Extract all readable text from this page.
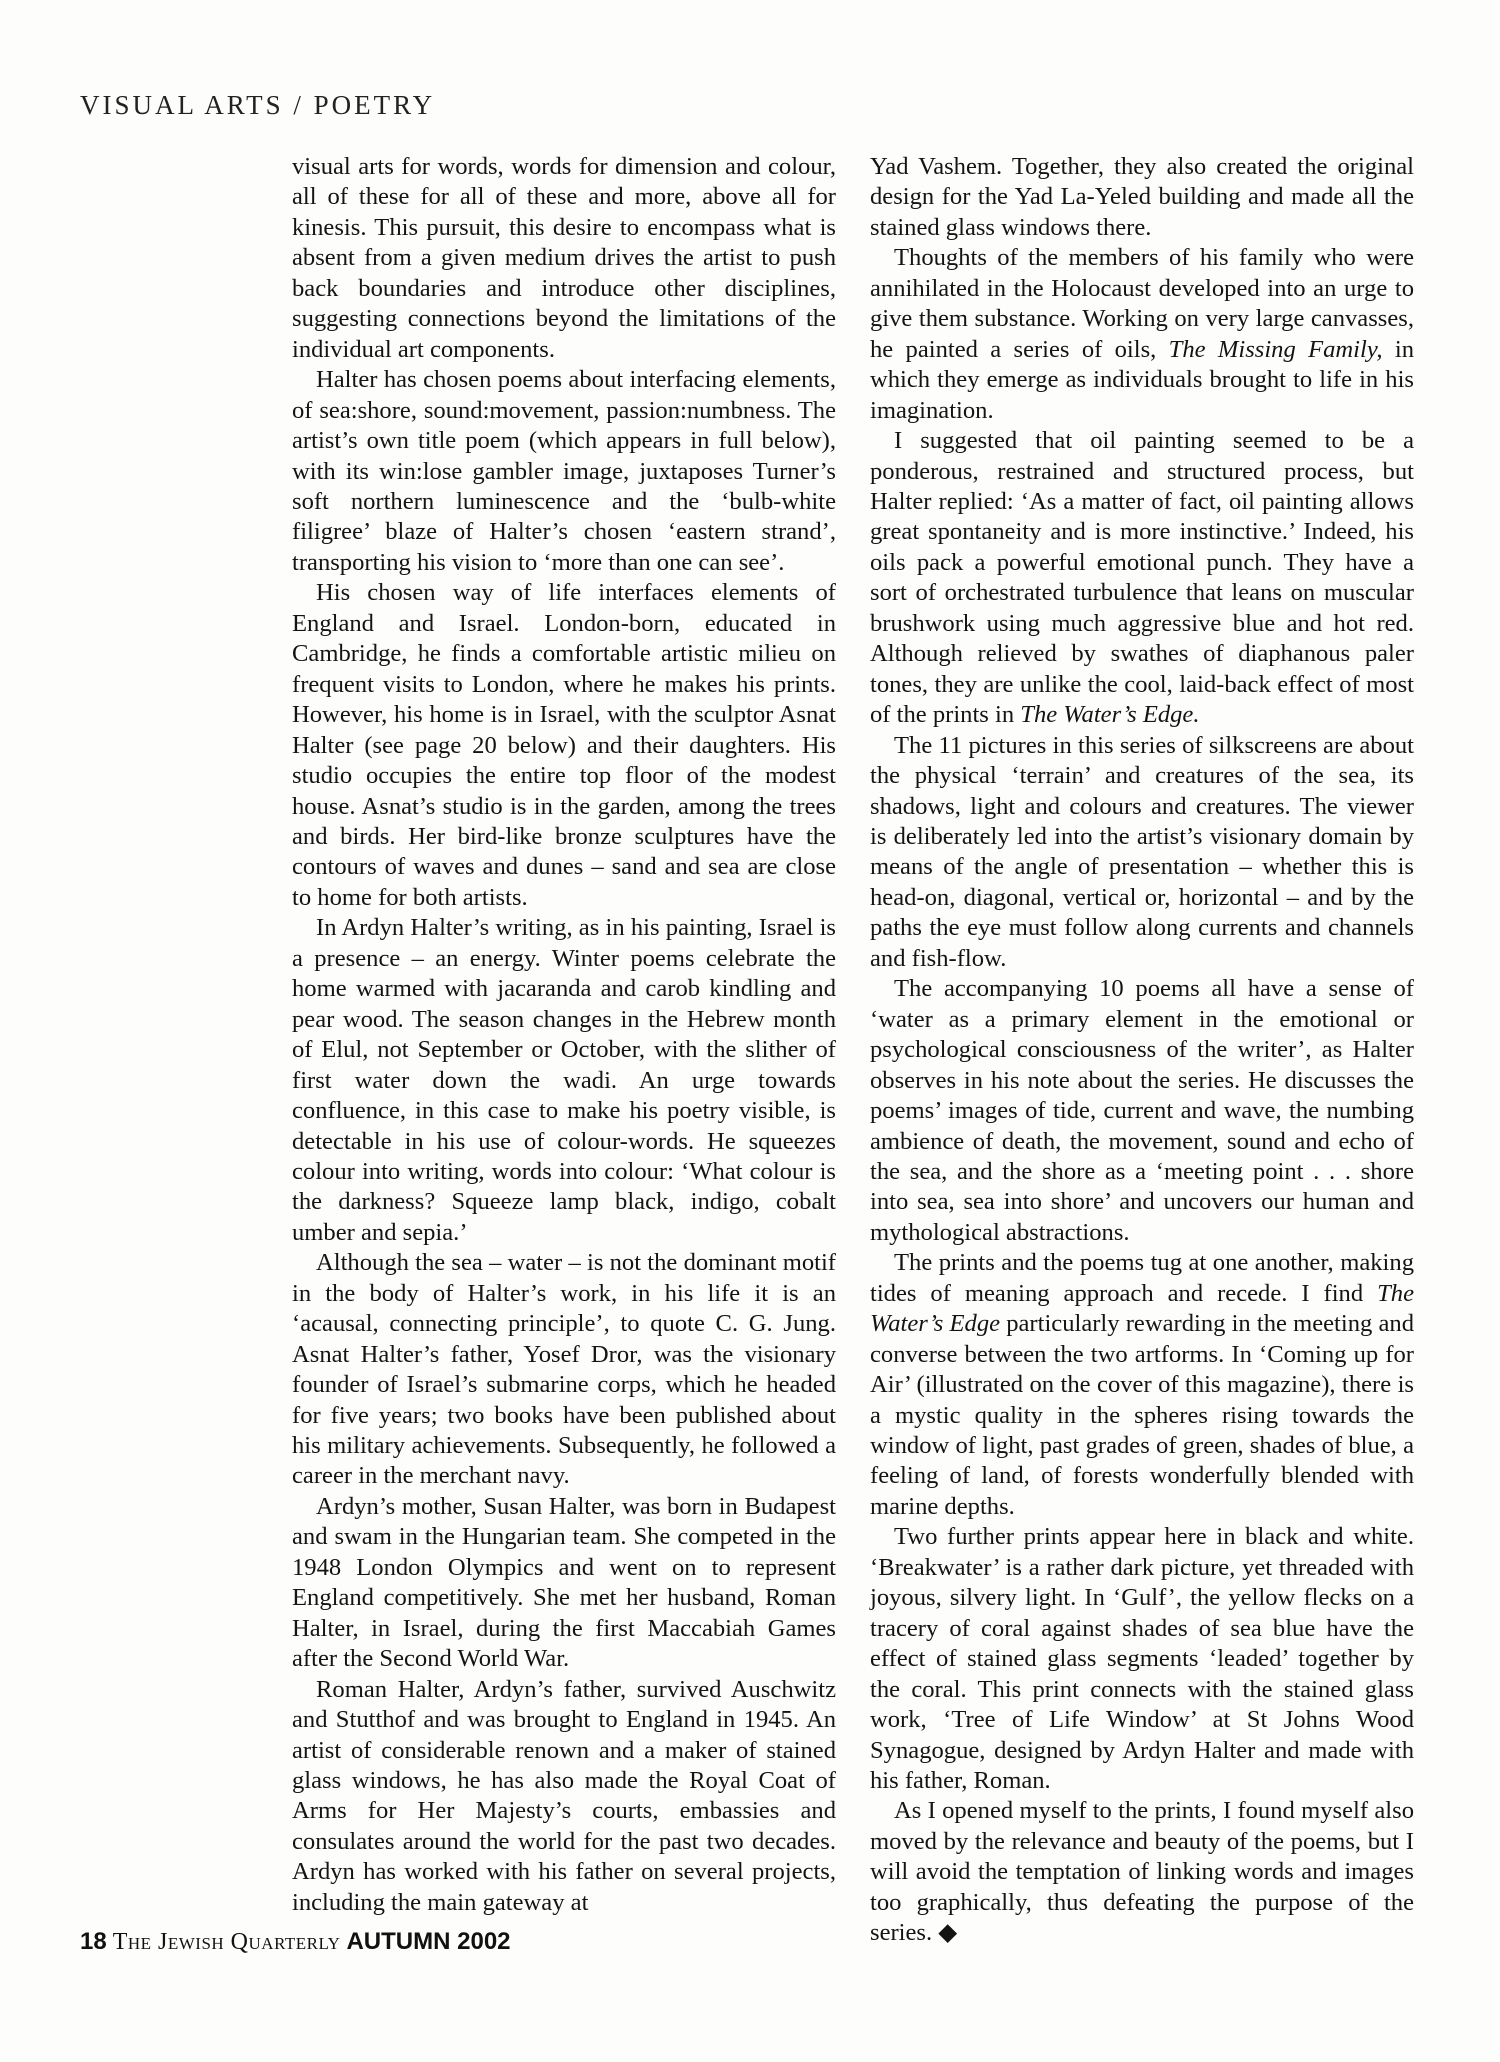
VISUAL ARTS / POETRY

visual arts for words, words for dimension and colour, all of these for all of these and more, above all for kinesis. This pursuit, this desire to encompass what is absent from a given medium drives the artist to push back boundaries and introduce other disciplines, suggesting connections beyond the limitations of the individual art components.

Halter has chosen poems about interfacing elements, of sea:shore, sound:movement, passion:numbness. The artist’s own title poem (which appears in full below), with its win:lose gambler image, juxtaposes Turner’s soft northern luminescence and the ‘bulb-white filigree’ blaze of Halter’s chosen ‘eastern strand’, transporting his vision to ‘more than one can see’.

His chosen way of life interfaces elements of England and Israel. London-born, educated in Cambridge, he finds a comfortable artistic milieu on frequent visits to London, where he makes his prints. However, his home is in Israel, with the sculptor Asnat Halter (see page 20 below) and their daughters. His studio occupies the entire top floor of the modest house. Asnat’s studio is in the garden, among the trees and birds. Her bird-like bronze sculptures have the contours of waves and dunes – sand and sea are close to home for both artists.

In Ardyn Halter’s writing, as in his painting, Israel is a presence – an energy. Winter poems celebrate the home warmed with jacaranda and carob kindling and pear wood. The season changes in the Hebrew month of Elul, not September or October, with the slither of first water down the wadi. An urge towards confluence, in this case to make his poetry visible, is detectable in his use of colour-words. He squeezes colour into writing, words into colour: ‘What colour is the darkness? Squeeze lamp black, indigo, cobalt umber and sepia.’

Although the sea – water – is not the dominant motif in the body of Halter’s work, in his life it is an ‘acausal, connecting principle’, to quote C. G. Jung. Asnat Halter’s father, Yosef Dror, was the visionary founder of Israel’s submarine corps, which he headed for five years; two books have been published about his military achievements. Subsequently, he followed a career in the merchant navy.

Ardyn’s mother, Susan Halter, was born in Budapest and swam in the Hungarian team. She competed in the 1948 London Olympics and went on to represent England competitively. She met her husband, Roman Halter, in Israel, during the first Maccabiah Games after the Second World War.

Roman Halter, Ardyn’s father, survived Auschwitz and Stutthof and was brought to England in 1945. An artist of considerable renown and a maker of stained glass windows, he has also made the Royal Coat of Arms for Her Majesty’s courts, embassies and consulates around the world for the past two decades. Ardyn has worked with his father on several projects, including the main gateway at

Yad Vashem. Together, they also created the original design for the Yad La-Yeled building and made all the stained glass windows there.

Thoughts of the members of his family who were annihilated in the Holocaust developed into an urge to give them substance. Working on very large canvasses, he painted a series of oils, The Missing Family, in which they emerge as individuals brought to life in his imagination.

I suggested that oil painting seemed to be a ponderous, restrained and structured process, but Halter replied: ‘As a matter of fact, oil painting allows great spontaneity and is more instinctive.’ Indeed, his oils pack a powerful emotional punch. They have a sort of orchestrated turbulence that leans on muscular brushwork using much aggressive blue and hot red. Although relieved by swathes of diaphanous paler tones, they are unlike the cool, laid-back effect of most of the prints in The Water’s Edge.

The 11 pictures in this series of silkscreens are about the physical ‘terrain’ and creatures of the sea, its shadows, light and colours and creatures. The viewer is deliberately led into the artist’s visionary domain by means of the angle of presentation – whether this is head-on, diagonal, vertical or, horizontal – and by the paths the eye must follow along currents and channels and fish-flow.

The accompanying 10 poems all have a sense of ‘water as a primary element in the emotional or psychological consciousness of the writer’, as Halter observes in his note about the series. He discusses the poems’ images of tide, current and wave, the numbing ambience of death, the movement, sound and echo of the sea, and the shore as a ‘meeting point . . . shore into sea, sea into shore’ and uncovers our human and mythological abstractions.

The prints and the poems tug at one another, making tides of meaning approach and recede. I find The Water’s Edge particularly rewarding in the meeting and converse between the two artforms. In ‘Coming up for Air’ (illustrated on the cover of this magazine), there is a mystic quality in the spheres rising towards the window of light, past grades of green, shades of blue, a feeling of land, of forests wonderfully blended with marine depths.

Two further prints appear here in black and white. ‘Breakwater’ is a rather dark picture, yet threaded with joyous, silvery light. In ‘Gulf’, the yellow flecks on a tracery of coral against shades of sea blue have the effect of stained glass segments ‘leaded’ together by the coral. This print connects with the stained glass work, ‘Tree of Life Window’ at St Johns Wood Synagogue, designed by Ardyn Halter and made with his father, Roman.

As I opened myself to the prints, I found myself also moved by the relevance and beauty of the poems, but I will avoid the temptation of linking words and images too graphically, thus defeating the purpose of the series. ◆

18 The Jewish Quarterly AUTUMN 2002
